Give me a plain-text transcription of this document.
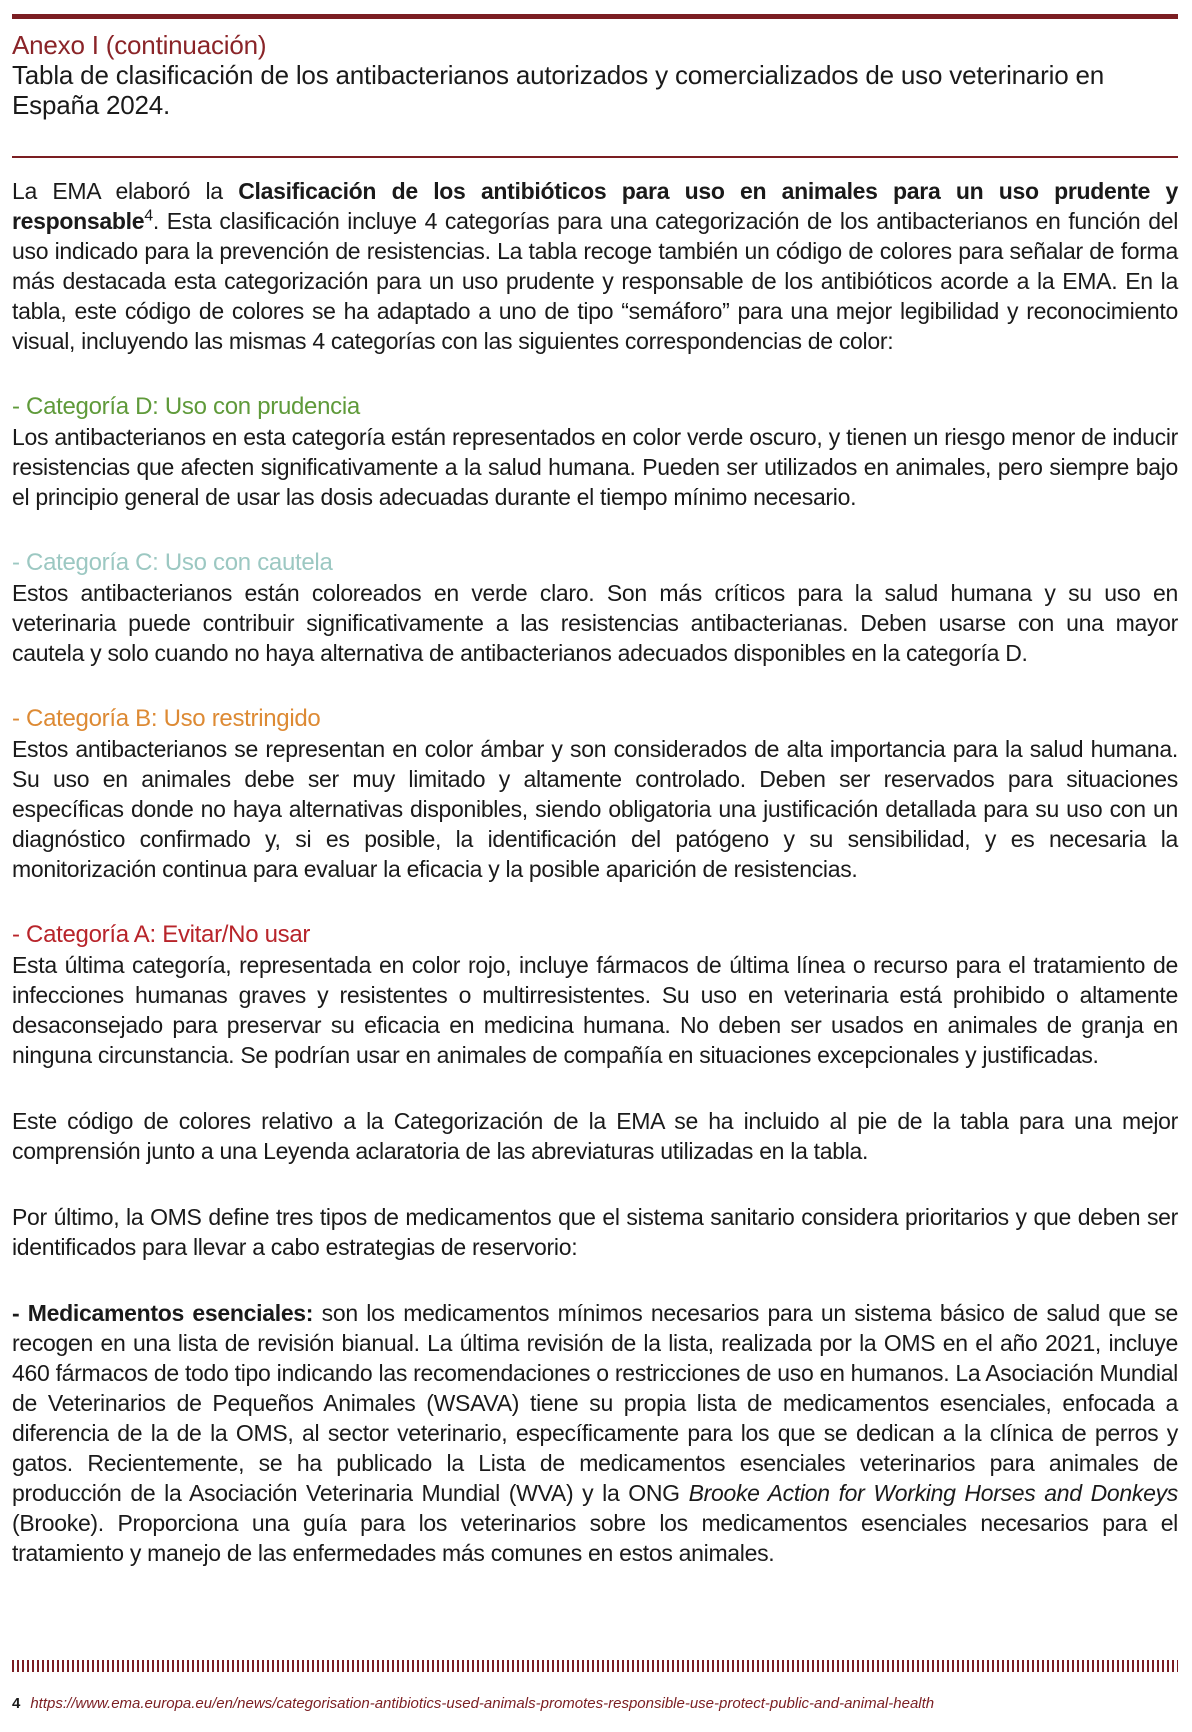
Anexo I (continuación)
Tabla de clasificación de los antibacterianos autorizados y comercializados de uso veterinario en España 2024.

La EMA elaboró la Clasificación de los antibióticos para uso en animales para un uso prudente y responsable$^4$. Esta clasificación incluye 4 categorías para una categorización de los antibacterianos en función del uso indicado para la prevención de resistencias. La tabla recoge también un código de colores para señalar de forma más destacada esta categorización para un uso prudente y responsable de los antibióticos acorde a la EMA. En la tabla, este código de colores se ha adaptado a uno de tipo “semáforo” para una mejor legibilidad y reconocimiento visual, incluyendo las mismas 4 categorías con las siguientes correspondencias de color:

- Categoría D: Uso con prudencia

Los antibacterianos en esta categoría están representados en color verde oscuro, y tienen un riesgo menor de inducir resistencias que afecten significativamente a la salud humana. Pueden ser utilizados en animales, pero siempre bajo el principio general de usar las dosis adecuadas durante el tiempo mínimo necesario.

- Categoría C: Uso con cautela

Estos antibacterianos están coloreados en verde claro. Son más críticos para la salud humana y su uso en veterinaria puede contribuir significativamente a las resistencias antibacterianas. Deben usarse con una mayor cautela y solo cuando no haya alternativa de antibacterianos adecuados disponibles en la categoría D.

- Categoría B: Uso restringido

Estos antibacterianos se representan en color ámbar y son considerados de alta importancia para la salud humana. Su uso en animales debe ser muy limitado y altamente controlado. Deben ser reservados para situaciones específicas donde no haya alternativas disponibles, siendo obligatoria una justificación detallada para su uso con un diagnóstico confirmado y, si es posible, la identificación del patógeno y su sensibilidad, y es necesaria la monitorización continua para evaluar la eficacia y la posible aparición de resistencias.

- Categoría A: Evitar/No usar

Esta última categoría, representada en color rojo, incluye fármacos de última línea o recurso para el tratamiento de infecciones humanas graves y resistentes o multirresistentes. Su uso en veterinaria está prohibido o altamente desaconsejado para preservar su eficacia en medicina humana. No deben ser usados en animales de granja en ninguna circunstancia. Se podrían usar en animales de compañía en situaciones excepcionales y justificadas.

Este código de colores relativo a la Categorización de la EMA se ha incluido al pie de la tabla para una mejor comprensión junto a una Leyenda aclaratoria de las abreviaturas utilizadas en la tabla.

Por último, la OMS define tres tipos de medicamentos que el sistema sanitario considera prioritarios y que deben ser identificados para llevar a cabo estrategias de reservorio:

- Medicamentos esenciales: son los medicamentos mínimos necesarios para un sistema básico de salud que se recogen en una lista de revisión bianual. La última revisión de la lista, realizada por la OMS en el año 2021, incluye 460 fármacos de todo tipo indicando las recomendaciones o restricciones de uso en humanos. La Asociación Mundial de Veterinarios de Pequeños Animales (WSAVA) tiene su propia lista de medicamentos esenciales, enfocada a diferencia de la de la OMS, al sector veterinario, específicamente para los que se dedican a la clínica de perros y gatos. Recientemente, se ha publicado la Lista de medicamentos esenciales veterinarios para animales de producción de la Asociación Veterinaria Mundial (WVA) y la ONG Brooke Action for Working Horses and Donkeys (Brooke). Proporciona una guía para los veterinarios sobre los medicamentos esenciales necesarios para el tratamiento y manejo de las enfermedades más comunes en estos animales.

4 https://www.ema.europa.eu/en/news/categorisation-antibiotics-used-animals-promotes-responsible-use-protect-public-and-animal-health
